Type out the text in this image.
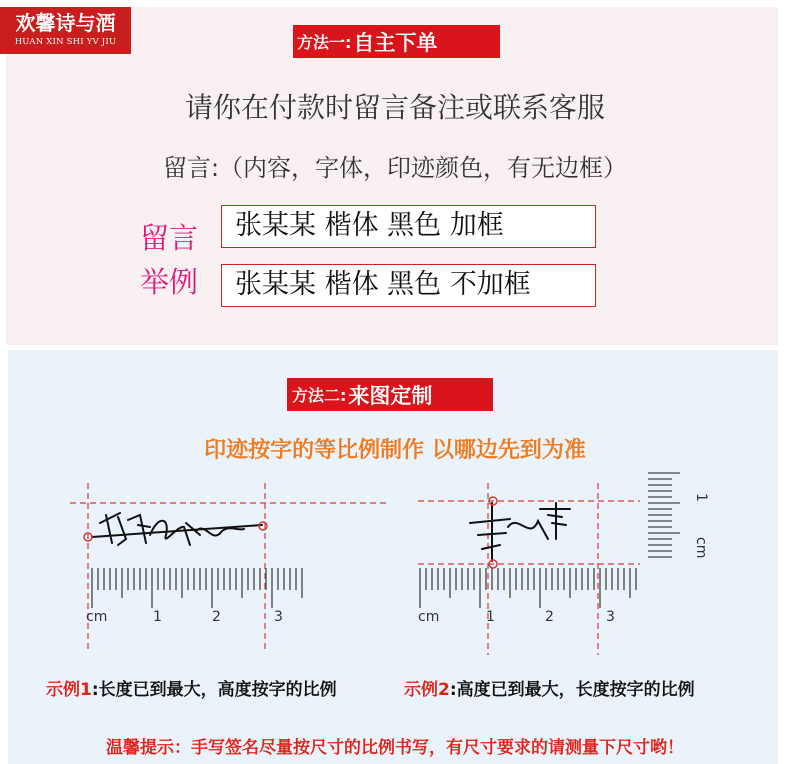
欢馨诗与酒
HUAN XIN SHI YV JIU	方法一: 自主下单
请你在付款时留言备注或联系客服
留言:（内容，字体，印迹颜色，有无边框）
留言
举例
张某某 楷体 黑色 加框
张某某 楷体 黑色 不加框
方法二: 来图定制
印迹按字的等比例制作 以哪边先到为准
cm	1	2	3	cm	1	2	3
1
cm
示例1:长度已到最大，高度按字的比例	示例2:高度已到最大，长度按字的比例
温馨提示：手写签名尽量按尺寸的比例书写，有尺寸要求的请测量下尺寸哟！
